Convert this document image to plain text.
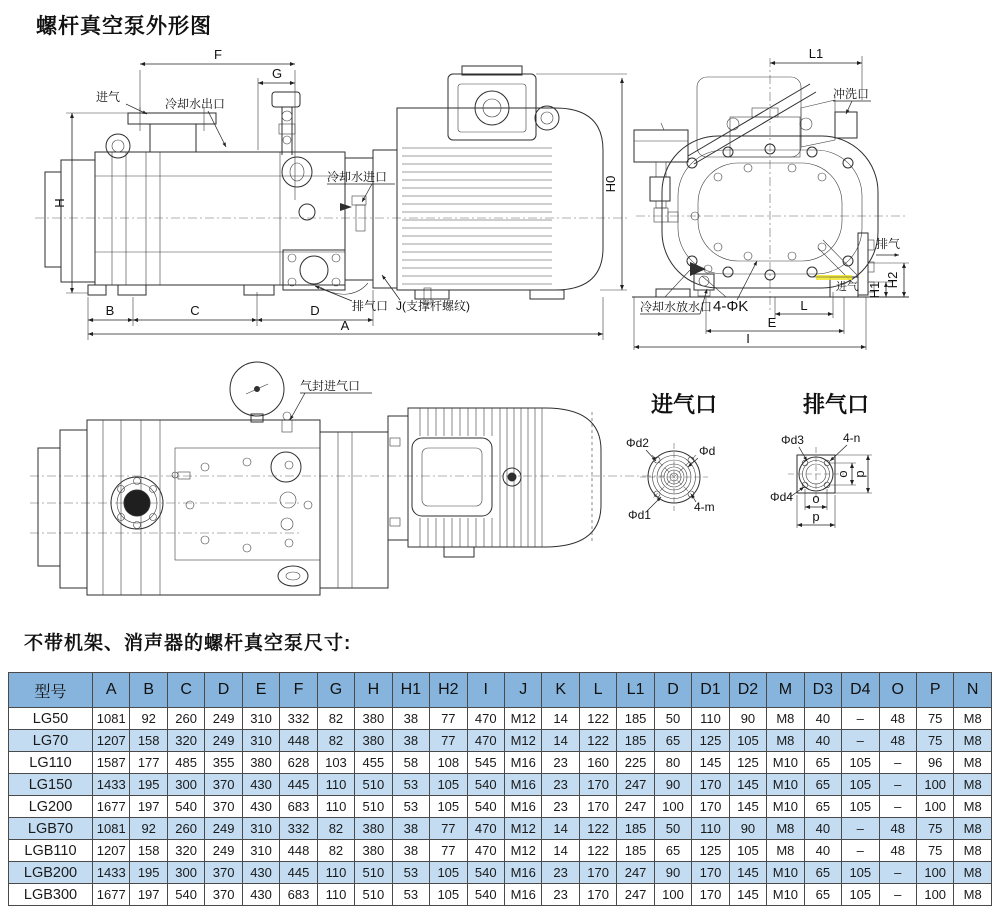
螺杆真空泵外形图
F
G
H
H0
B	C	D
A
进气	冷却水出口
冷却水进口
排气口 J(支撑杆螺纹)
L1
H2
H1
L
E
I
冲洗口
排气
进气
冷却水放水口 4-ΦK
气封进气口
进气口
Φd2
Φd
Φd1
4-m
排气口
o p
o
p
Φd3	4-n
Φd4
不带机架、消声器的螺杆真空泵尺寸:
型号	A	B	C	D	E	F	G	H	H1	H2	I	J	K	L	L1	D	D1	D2	M	D3	D4	O	P	N
LG50	1081	92	260	249	310	332	82	380	38	77	470	M12	14	122	185	50	110	90	M8	40	–	48	75	M8
LG70	1207	158	320	249	310	448	82	380	38	77	470	M12	14	122	185	65	125	105	M8	40	–	48	75	M8
LG110	1587	177	485	355	380	628	103	455	58	108	545	M16	23	160	225	80	145	125	M10	65	105	–	96	M8
LG150	1433	195	300	370	430	445	110	510	53	105	540	M16	23	170	247	90	170	145	M10	65	105	–	100	M8
LG200	1677	197	540	370	430	683	110	510	53	105	540	M16	23	170	247	100	170	145	M10	65	105	–	100	M8
LGB70	1081	92	260	249	310	332	82	380	38	77	470	M12	14	122	185	50	110	90	M8	40	–	48	75	M8
LGB110	1207	158	320	249	310	448	82	380	38	77	470	M12	14	122	185	65	125	105	M8	40	–	48	75	M8
LGB200	1433	195	300	370	430	445	110	510	53	105	540	M16	23	170	247	90	170	145	M10	65	105	–	100	M8
LGB300	1677	197	540	370	430	683	110	510	53	105	540	M16	23	170	247	100	170	145	M10	65	105	–	100	M8
